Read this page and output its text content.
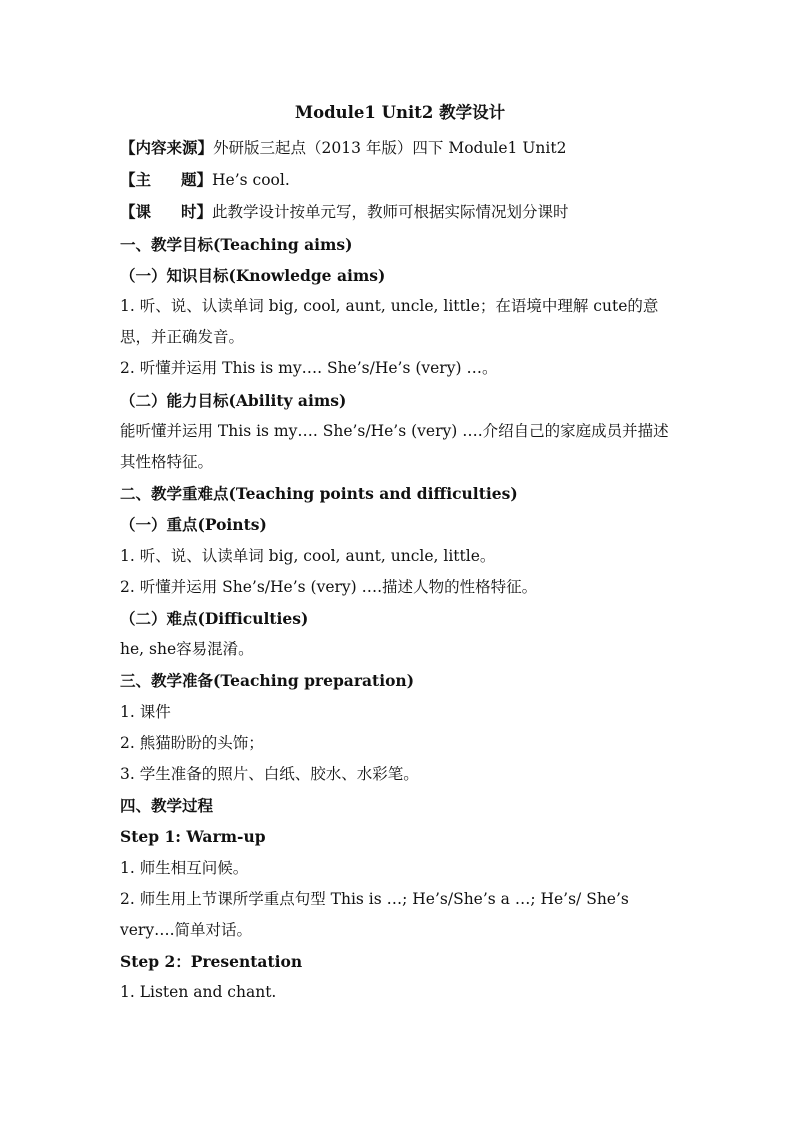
Module1 Unit2 教学设计

【内容来源】外研版三起点（2013 年版）四下 Module1 Unit2

【主 题】He’s cool.

【课 时】此教学设计按单元写，教师可根据实际情况划分课时

一、教学目标(Teaching aims)

（一）知识目标(Knowledge aims)

1. 听、说、认读单词 big, cool, aunt, uncle, little；在语境中理解 cute的意思，并正确发音。

2. 听懂并运用 This is my…. She’s/He’s (very) …。

（二）能力目标(Ability aims)

能听懂并运用 This is my…. She’s/He’s (very) ….介绍自己的家庭成员并描述其性格特征。

二、教学重难点(Teaching points and difficulties)

（一）重点(Points)

1. 听、说、认读单词 big, cool, aunt, uncle, little。

2. 听懂并运用 She’s/He’s (very) ….描述人物的性格特征。

（二）难点(Difficulties)

he, she容易混淆。

三、教学准备(Teaching preparation)

1. 课件

2. 熊猫盼盼的头饰；

3. 学生准备的照片、白纸、胶水、水彩笔。

四、教学过程

Step 1: Warm-up

1. 师生相互问候。

2. 师生用上节课所学重点句型 This is …; He’s/She’s a …; He’s/ She’s very….简单对话。

Step 2：Presentation

1. Listen and chant.
